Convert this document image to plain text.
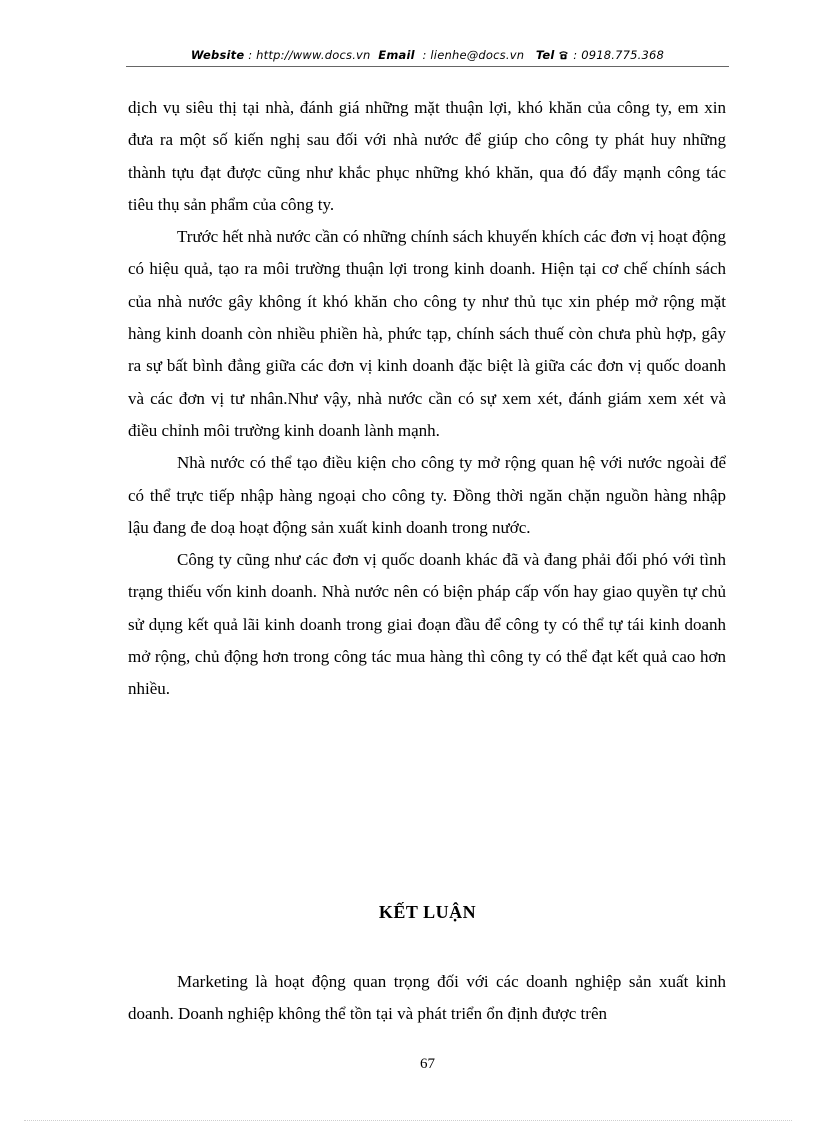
Website : http://www.docs.vn Email  : lienhe@docs.vn Tel  : 0918.775.368

dịch vụ siêu thị tại nhà, đánh giá những mặt thuận lợi, khó khăn của công ty, em xin đưa ra một số kiến nghị sau đối với nhà nước để giúp cho công ty phát huy những thành tựu đạt được cũng như khắc phục những khó khăn, qua đó đẩy mạnh công tác tiêu thụ sản phẩm của công ty.

Trước hết nhà nước cần có những chính sách khuyến khích các đơn vị hoạt động có hiệu quả, tạo ra môi trường thuận lợi trong kinh doanh. Hiện tại cơ chế chính sách của nhà nước gây không ít khó khăn cho công ty như thủ tục xin phép mở rộng mặt hàng kinh doanh còn nhiều phiền hà, phức tạp, chính sách thuế còn chưa phù hợp, gây ra sự bất bình đẳng giữa các đơn vị kinh doanh đặc biệt là giữa các đơn vị quốc doanh và các đơn vị tư nhân.Như vậy, nhà nước cần có sự xem xét, đánh giám xem xét và điều chỉnh môi trường kinh doanh lành mạnh.

Nhà nước có thể tạo điều kiện cho công ty mở rộng quan hệ với nước ngoài để có thể trực tiếp nhập hàng ngoại cho công ty. Đồng thời ngăn chặn nguồn hàng nhập lậu đang đe doạ hoạt động sản xuất kinh doanh trong nước.

Công ty cũng như các đơn vị quốc doanh khác đã và đang phải đối phó với tình trạng thiếu vốn kinh doanh. Nhà nước nên có biện pháp cấp vốn hay giao quyền tự chủ sử dụng kết quả lãi kinh doanh trong giai đoạn đầu để công ty có thể tự tái kinh doanh mở rộng, chủ động hơn trong công tác mua hàng thì công ty có thể đạt kết quả cao hơn nhiều.

KẾT LUẬN

Marketing là hoạt động quan trọng đối với các doanh nghiệp sản xuất kinh doanh. Doanh nghiệp không thể tồn tại và phát triển ổn định được trên

67
